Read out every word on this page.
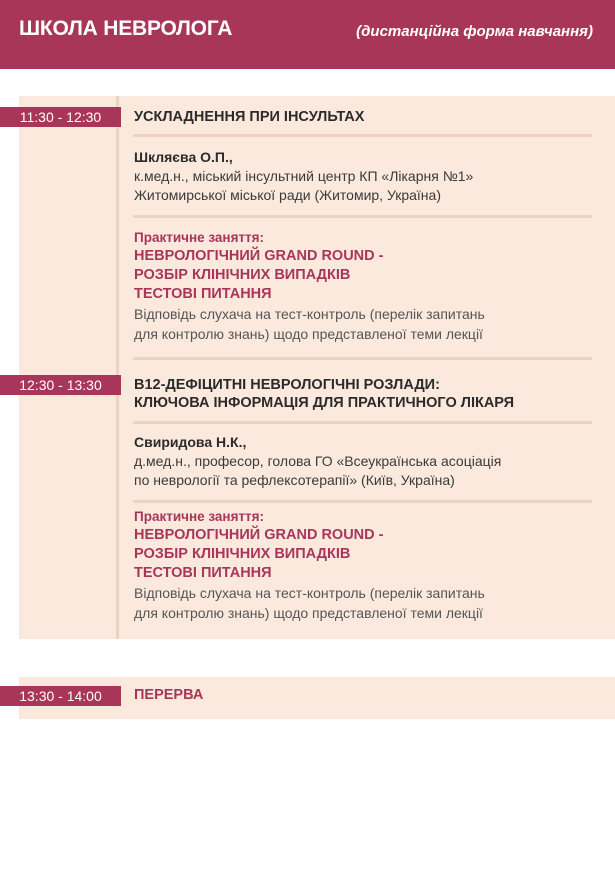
ШКОЛА НЕВРОЛОГА	(дистанційна форма навчання)
11:30 - 12:30	УСКЛАДНЕННЯ ПРИ ІНСУЛЬТАХ
Шкляєва О.П.,
к.мед.н., міський інсультний центр КП «Лікарня №1»
Житомирської міської ради (Житомир, Україна)
Практичне заняття:
НЕВРОЛОГІЧНИЙ GRAND ROUND -
РОЗБІР КЛІНІЧНИХ ВИПАДКІВ
ТЕСТОВІ ПИТАННЯ
Відповідь слухача на тест-контроль (перелік запитань
для контролю знань) щодо представленої теми лекції
12:30 - 13:30	B12-ДЕФІЦИТНІ НЕВРОЛОГІЧНІ РОЗЛАДИ:
КЛЮЧОВА ІНФОРМАЦІЯ ДЛЯ ПРАКТИЧНОГО ЛІКАРЯ
Свиридова Н.К.,
д.мед.н., професор, голова ГО «Всеукраїнська асоціація
по неврології та рефлексотерапії» (Київ, Україна)
Практичне заняття:
НЕВРОЛОГІЧНИЙ GRAND ROUND -
РОЗБІР КЛІНІЧНИХ ВИПАДКІВ
ТЕСТОВІ ПИТАННЯ
Відповідь слухача на тест-контроль (перелік запитань
для контролю знань) щодо представленої теми лекції
13:30 - 14:00	ПЕРЕРВА
